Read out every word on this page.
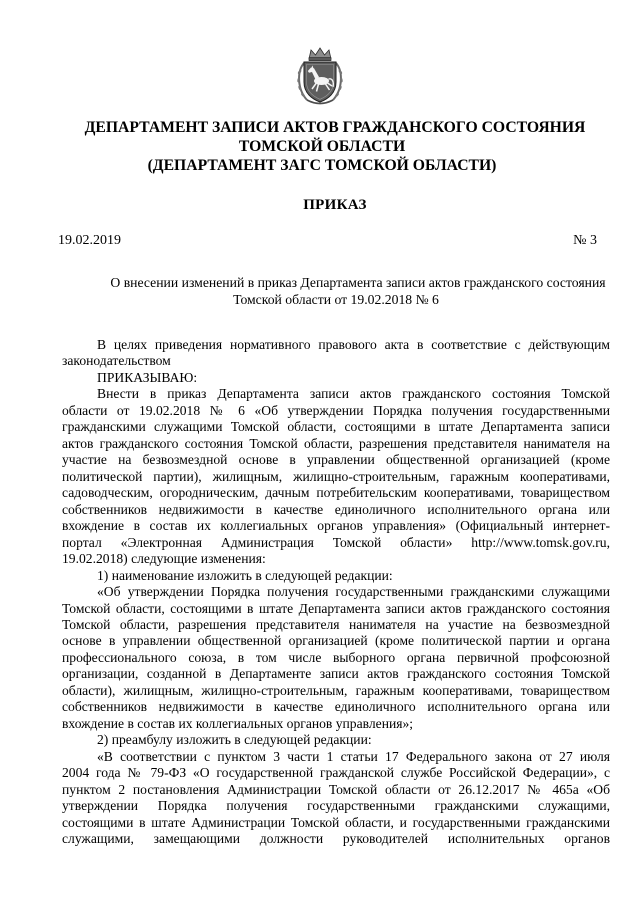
ДЕПАРТАМЕНТ ЗАПИСИ АКТОВ ГРАЖДАНСКОГО СОСТОЯНИЯ
ТОМСКОЙ ОБЛАСТИ
(ДЕПАРТАМЕНТ ЗАГС ТОМСКОЙ ОБЛАСТИ)
ПРИКАЗ
19.02.2019	№ 3
О внесении изменений в приказ Департамента записи актов гражданского состояния
Томской области от 19.02.2018 № 6
В целях приведения нормативного правового акта в соответствие с действующим
законодательством
ПРИКАЗЫВАЮ:
Внести в приказ Департамента записи актов гражданского состояния Томской
области от 19.02.2018 № 6 «Об утверждении Порядка получения государственными
гражданскими служащими Томской области, состоящими в штате Департамента записи
актов гражданского состояния Томской области, разрешения представителя нанимателя на
участие на безвозмездной основе в управлении общественной организацией (кроме
политической партии), жилищным, жилищно-строительным, гаражным кооперативами,
садоводческим, огородническим, дачным потребительским кооперативами, товариществом
собственников недвижимости в качестве единоличного исполнительного органа или
вхождение в состав их коллегиальных органов управления» (Официальный интернет-
портал «Электронная Администрация Томской области» http://www.tomsk.gov.ru,
19.02.2018) следующие изменения:
1) наименование изложить в следующей редакции:
«Об утверждении Порядка получения государственными гражданскими служащими
Томской области, состоящими в штате Департамента записи актов гражданского состояния
Томской области, разрешения представителя нанимателя на участие на безвозмездной
основе в управлении общественной организацией (кроме политической партии и органа
профессионального союза, в том числе выборного органа первичной профсоюзной
организации, созданной в Департаменте записи актов гражданского состояния Томской
области), жилищным, жилищно-строительным, гаражным кооперативами, товариществом
собственников недвижимости в качестве единоличного исполнительного органа или
вхождение в состав их коллегиальных органов управления»;
2) преамбулу изложить в следующей редакции:
«В соответствии с пунктом 3 части 1 статьи 17 Федерального закона от 27 июля
2004 года № 79-ФЗ «О государственной гражданской службе Российской Федерации», с
пунктом 2 постановления Администрации Томской области от 26.12.2017 № 465а «Об
утверждении Порядка получения государственными гражданскими служащими,
состоящими в штате Администрации Томской области, и государственными гражданскими
служащими, замещающими должности руководителей исполнительных органов
